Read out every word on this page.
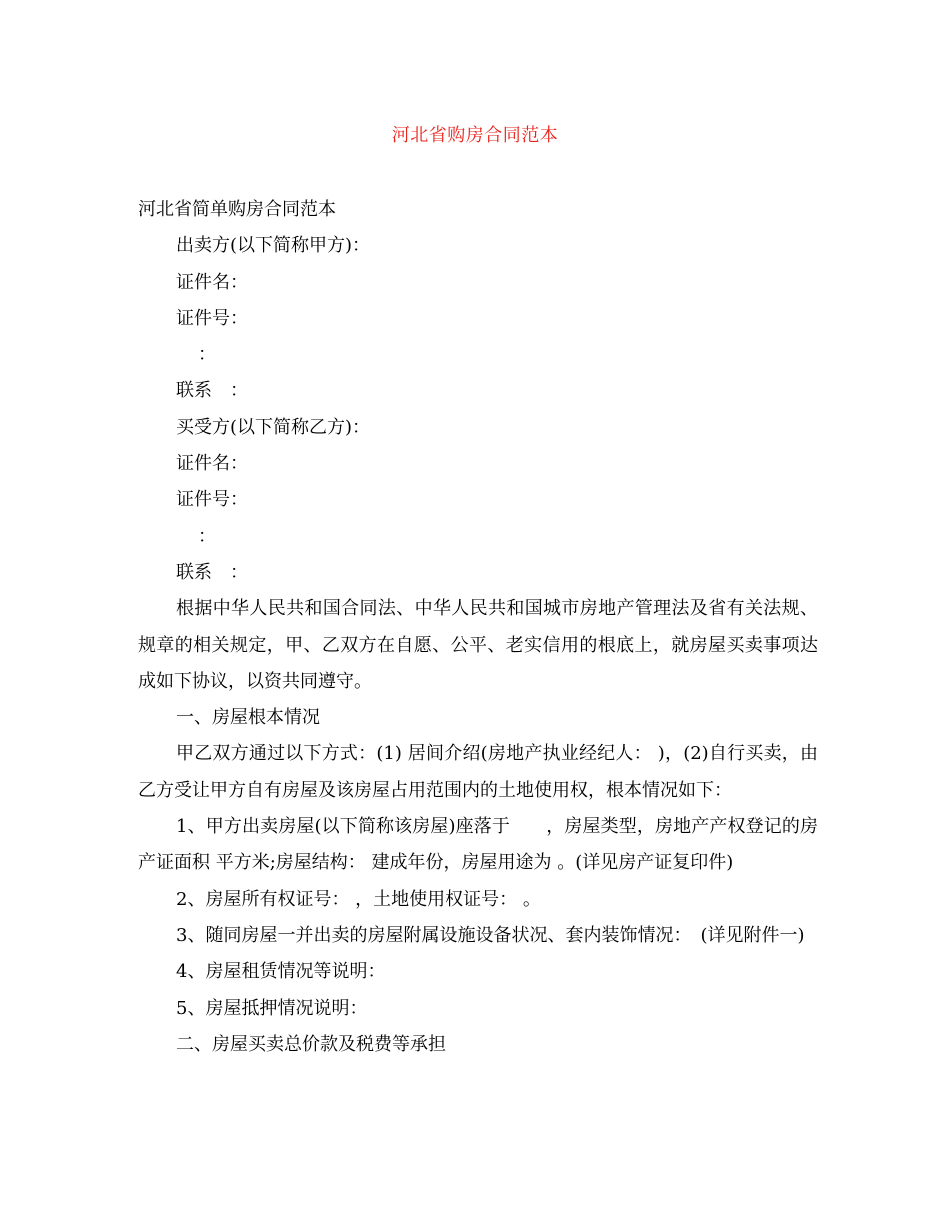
河北省购房合同范本

河北省简单购房合同范本

出卖方(以下简称甲方)：

证件名：

证件号：

：

联系　：

买受方(以下简称乙方)：

证件名：

证件号：

：

联系　：

根据中华人民共和国合同法、中华人民共和国城市房地产管理法及省有关法规、规章的相关规定，甲、乙双方在自愿、公平、老实信用的根底上，就房屋买卖事项达成如下协议，以资共同遵守。

一、房屋根本情况

甲乙双方通过以下方式：(1) 居间介绍(房地产执业经纪人： )，(2)自行买卖，由乙方受让甲方自有房屋及该房屋占用范围内的土地使用权，根本情况如下：

1、甲方出卖房屋(以下简称该房屋)座落于　　，房屋类型，房地产产权登记的房产证面积 平方米;房屋结构： 建成年份，房屋用途为 。(详见房产证复印件)

2、房屋所有权证号： ，土地使用权证号： 。

3、随同房屋一并出卖的房屋附属设施设备状况、套内装饰情况：　(详见附件一)

4、房屋租赁情况等说明：

5、房屋抵押情况说明：

二、房屋买卖总价款及税费等承担
